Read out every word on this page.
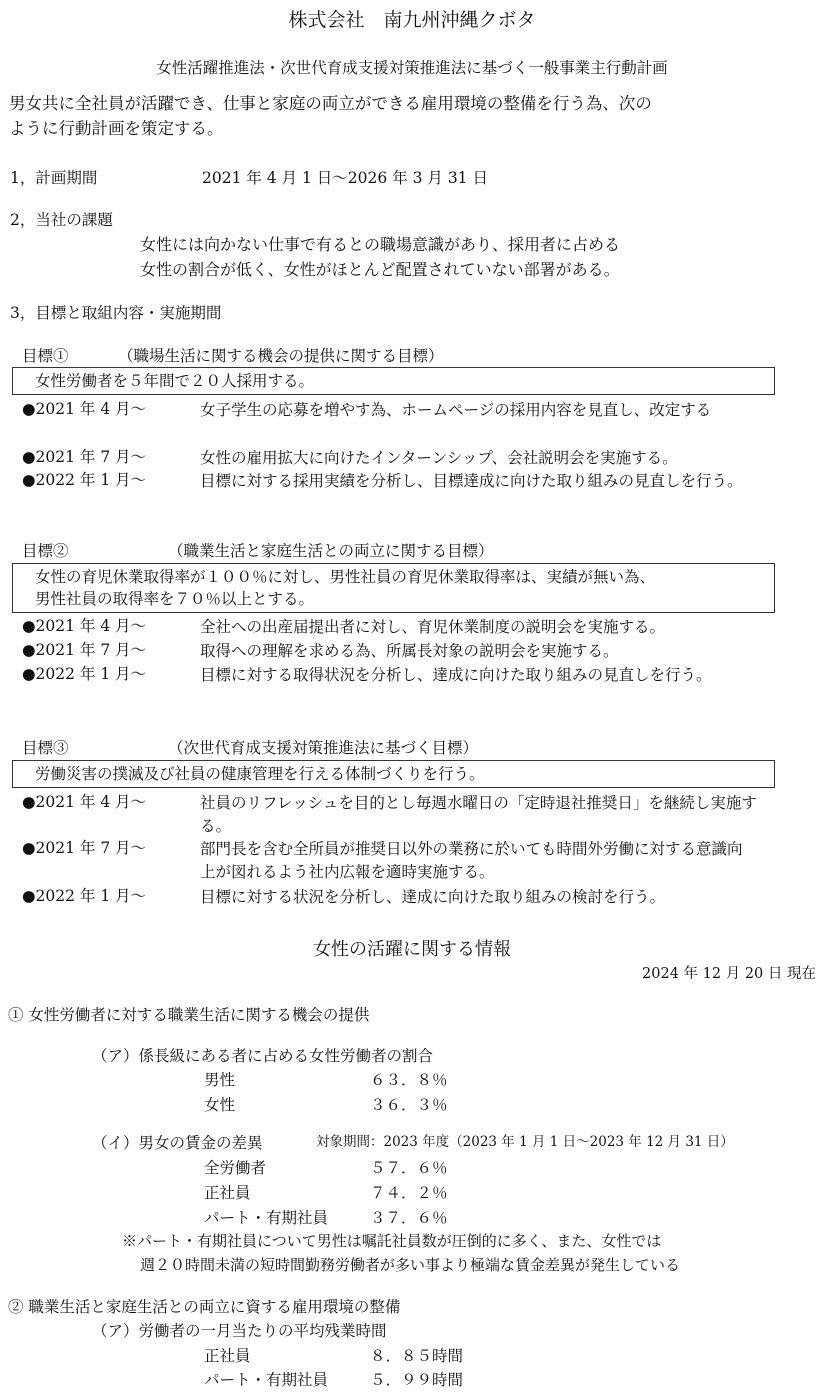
株式会社　南九州沖縄クボタ
女性活躍推進法・次世代育成支援対策推進法に基づく一般事業主行動計画
男女共に全社員が活躍でき、仕事と家庭の両立ができる雇用環境の整備を行う為、次の
ように行動計画を策定する。
1，計画期間	2021 年 4 月 1 日～2026 年 3 月 31 日
2，当社の課題
女性には向かない仕事で有るとの職場意識があり、採用者に占める
女性の割合が低く、女性がほとんど配置されていない部署がある。
3，目標と取組内容・実施期間
目標①	（職場生活に関する機会の提供に関する目標）
女性労働者を５年間で２０人採用する。
●2021 年 4 月～	女子学生の応募を増やす為、ホームページの採用内容を見直し、改定する
●2021 年 7 月～	女性の雇用拡大に向けたインターンシップ、会社説明会を実施する。
●2022 年 1 月～	目標に対する採用実績を分析し、目標達成に向けた取り組みの見直しを行う。
目標②	（職業生活と家庭生活との両立に関する目標）
女性の育児休業取得率が１００％に対し、男性社員の育児休業取得率は、実績が無い為、
男性社員の取得率を７０％以上とする。
●2021 年 4 月～	全社への出産届提出者に対し、育児休業制度の説明会を実施する。
●2021 年 7 月～	取得への理解を求める為、所属長対象の説明会を実施する。
●2022 年 1 月～	目標に対する取得状況を分析し、達成に向けた取り組みの見直しを行う。
目標③	（次世代育成支援対策推進法に基づく目標）
労働災害の撲滅及び社員の健康管理を行える体制づくりを行う。
●2021 年 4 月～	社員のリフレッシュを目的とし毎週水曜日の「定時退社推奨日」を継続し実施する。
●2021 年 7 月～	部門長を含む全所員が推奨日以外の業務に於いても時間外労働に対する意識向上が図れるよう社内広報を適時実施する。
●2022 年 1 月～	目標に対する状況を分析し、達成に向けた取り組みの検討を行う。
女性の活躍に関する情報
2024 年 12 月 20 日 現在
① 女性労働者に対する職業生活に関する機会の提供
（ア）係長級にある者に占める女性労働者の割合
男性	６３．８％
女性	３６．３％
（イ）男女の賃金の差異	対象期間：2023 年度（2023 年 1 月 1 日～2023 年 12 月 31 日）
全労働者	５７．６％
正社員	７４．２％
パート・有期社員	３７．６％
※パート・有期社員について男性は嘱託社員数が圧倒的に多く、また、女性では
週２０時間未満の短時間勤務労働者が多い事より極端な賃金差異が発生している
② 職業生活と家庭生活との両立に資する雇用環境の整備
（ア）労働者の一月当たりの平均残業時間
正社員	８．８５時間
パート・有期社員	５．９９時間
